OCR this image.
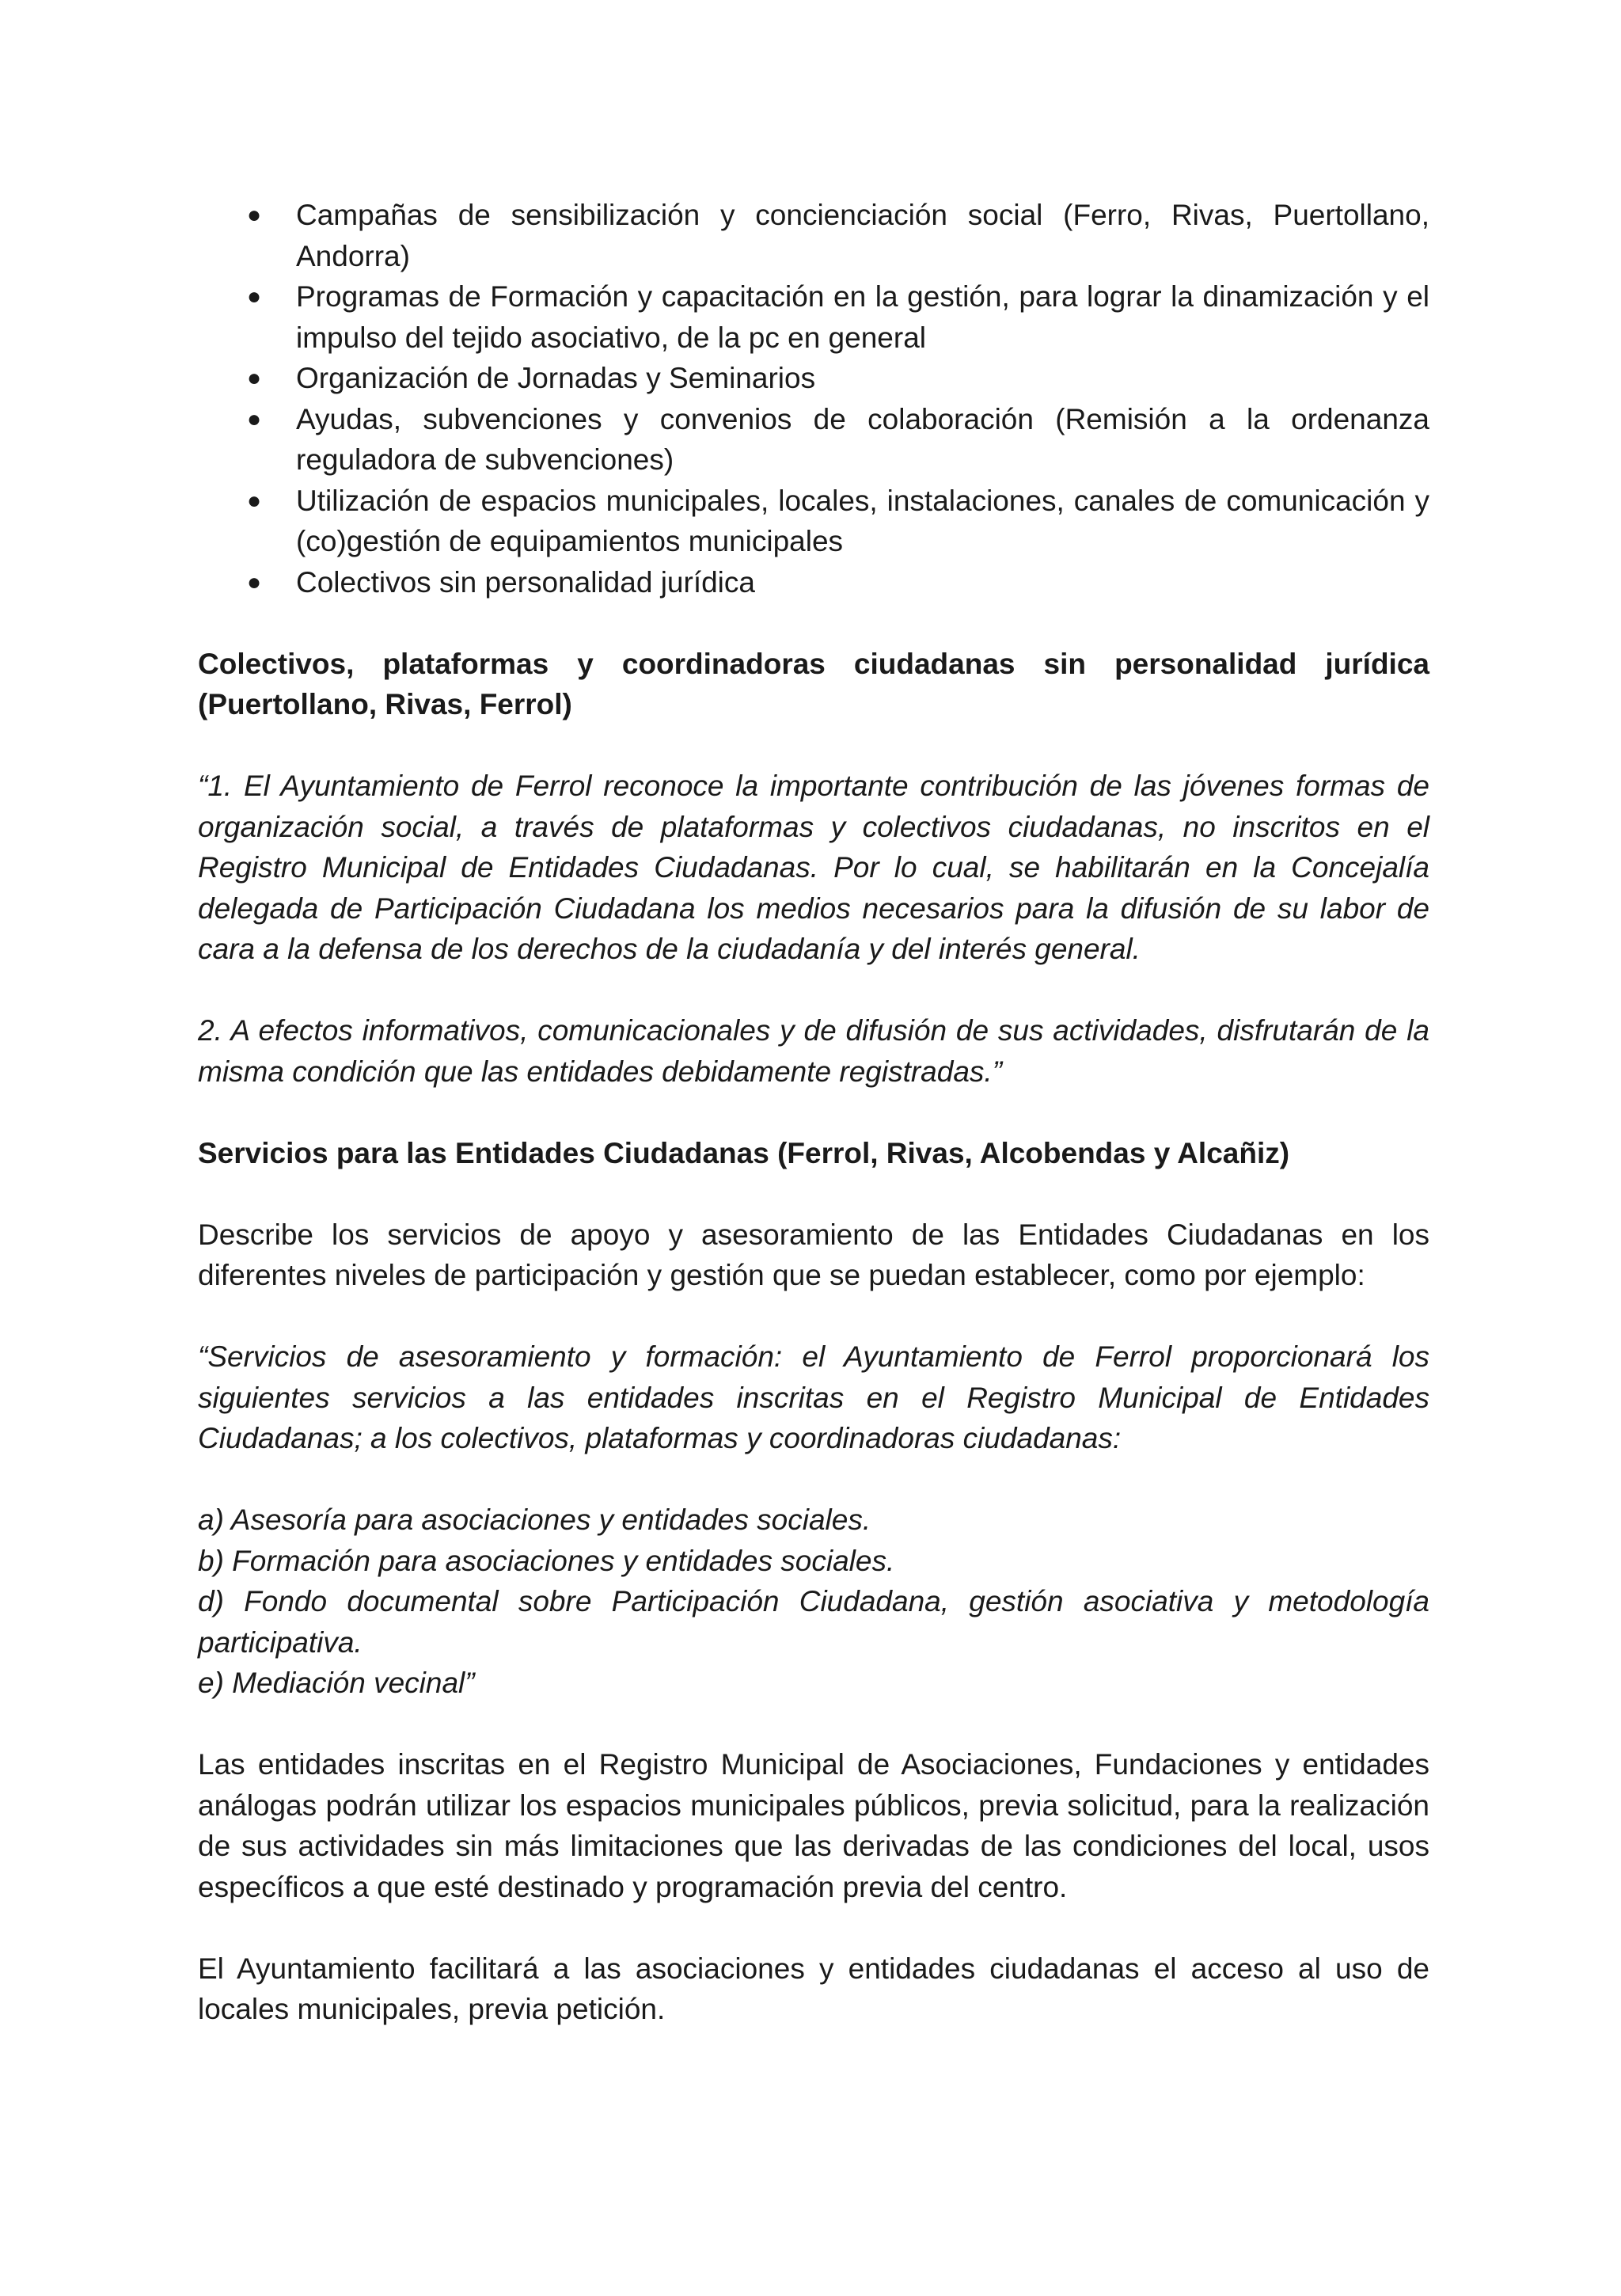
● Campañas de sensibilización y concienciación social (Ferro, Rivas, Puertollano, Andorra)
● Programas de Formación y capacitación en la gestión, para lograr la dinamización y el impulso del tejido asociativo, de la pc en general
● Organización de Jornadas y Seminarios
● Ayudas, subvenciones y convenios de colaboración (Remisión a la ordenanza reguladora de subvenciones)
● Utilización de espacios municipales, locales, instalaciones, canales de comunicación y (co)gestión de equipamientos municipales
● Colectivos sin personalidad jurídica

Colectivos, plataformas y coordinadoras ciudadanas sin personalidad jurídica (Puertollano, Rivas, Ferrol)

“1. El Ayuntamiento de Ferrol reconoce la importante contribución de las jóvenes formas de organización social, a través de plataformas y colectivos ciudadanas, no inscritos en el Registro Municipal de Entidades Ciudadanas. Por lo cual, se habilitarán en la Concejalía delegada de Participación Ciudadana los medios necesarios para la difusión de su labor de cara a la defensa de los derechos de la ciudadanía y del interés general.

2. A efectos informativos, comunicacionales y de difusión de sus actividades, disfrutarán de la misma condición que las entidades debidamente registradas.”

Servicios para las Entidades Ciudadanas (Ferrol, Rivas, Alcobendas y Alcañiz)

Describe los servicios de apoyo y asesoramiento de las Entidades Ciudadanas en los diferentes niveles de participación y gestión que se puedan establecer, como por ejemplo:

“Servicios de asesoramiento y formación: el Ayuntamiento de Ferrol proporcionará los siguientes servicios a las entidades inscritas en el Registro Municipal de Entidades Ciudadanas; a los colectivos, plataformas y coordinadoras ciudadanas:

a) Asesoría para asociaciones y entidades sociales.

b) Formación para asociaciones y entidades sociales.

d) Fondo documental sobre Participación Ciudadana, gestión asociativa y metodología participativa.

e) Mediación vecinal”

Las entidades inscritas en el Registro Municipal de Asociaciones, Fundaciones y entidades análogas podrán utilizar los espacios municipales públicos, previa solicitud, para la realización de sus actividades sin más limitaciones que las derivadas de las condiciones del local, usos específicos a que esté destinado y programación previa del centro.

El Ayuntamiento facilitará a las asociaciones y entidades ciudadanas el acceso al uso de locales municipales, previa petición.
